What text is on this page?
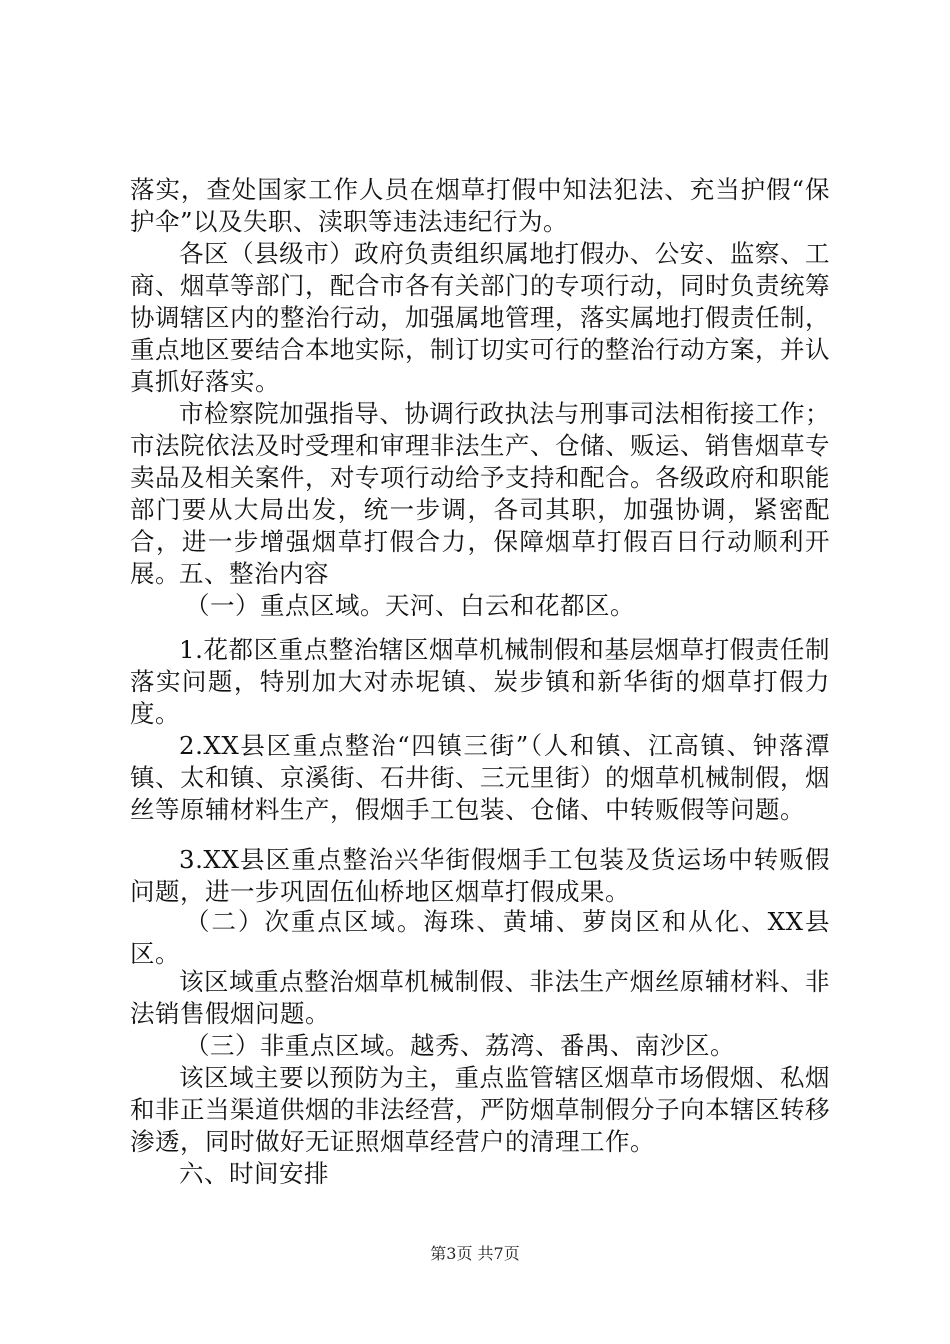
落实，查处国家工作人员在烟草打假中知法犯法、充当护假“保护伞”以及失职、渎职等违法违纪行为。

各区（县级市）政府负责组织属地打假办、公安、监察、工商、烟草等部门，配合市各有关部门的专项行动，同时负责统筹协调辖区内的整治行动，加强属地管理，落实属地打假责任制，重点地区要结合本地实际，制订切实可行的整治行动方案，并认真抓好落实。

市检察院加强指导、协调行政执法与刑事司法相衔接工作；市法院依法及时受理和审理非法生产、仓储、贩运、销售烟草专卖品及相关案件，对专项行动给予支持和配合。各级政府和职能部门要从大局出发，统一步调，各司其职，加强协调，紧密配合，进一步增强烟草打假合力，保障烟草打假百日行动顺利开展。 五、整治内容

（一）重点区域。天河、白云和花都区。

1.花都区重点整治辖区烟草机械制假和基层烟草打假责任制落实问题，特别加大对赤坭镇、炭步镇和新华街的烟草打假力度。

2.XX县区重点整治“四镇三街”（人和镇、江高镇、钟落潭镇、太和镇、京溪街、石井街、三元里街）的烟草机械制假，烟丝等原辅材料生产，假烟手工包装、仓储、中转贩假等问题。

3.XX县区重点整治兴华街假烟手工包装及货运场中转贩假问题，进一步巩固伍仙桥地区烟草打假成果。

（二）次重点区域。海珠、黄埔、萝岗区和从化、XX县区。

该区域重点整治烟草机械制假、非法生产烟丝原辅材料、非法销售假烟问题。

（三）非重点区域。越秀、荔湾、番禺、南沙区。

该区域主要以预防为主，重点监管辖区烟草市场假烟、私烟和非正当渠道供烟的非法经营，严防烟草制假分子向本辖区转移渗透，同时做好无证照烟草经营户的清理工作。

六、时间安排

第3页 共7页
